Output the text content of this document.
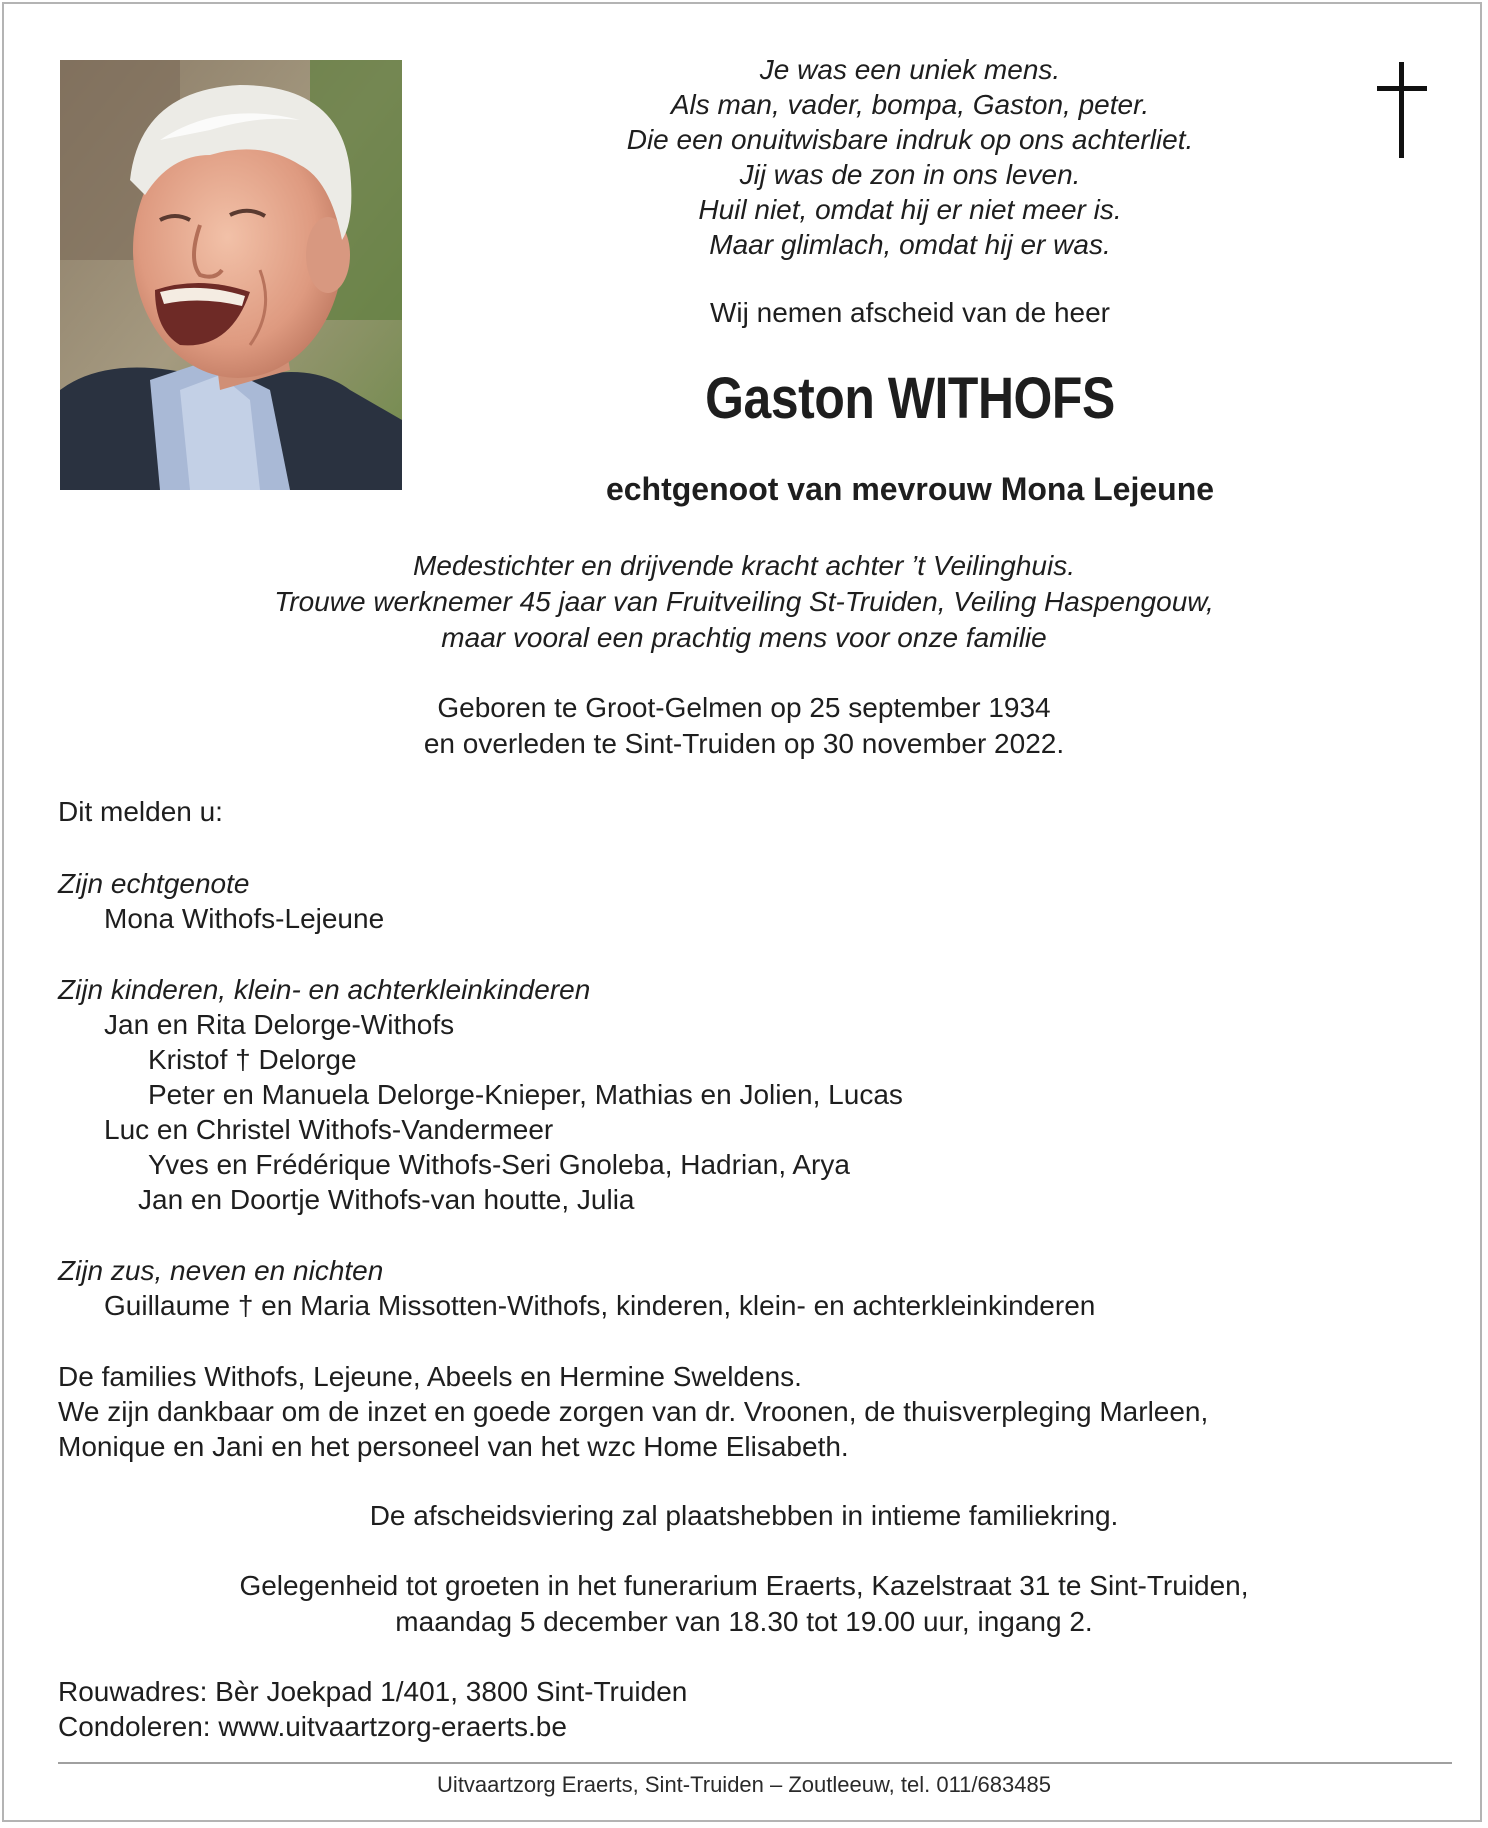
Je was een uniek mens.
Als man, vader, bompa, Gaston, peter.
Die een onuitwisbare indruk op ons achterliet.
Jij was de zon in ons leven.
Huil niet, omdat hij er niet meer is.
Maar glimlach, omdat hij er was.
Wij nemen afscheid van de heer
Gaston WITHOFS
echtgenoot van mevrouw Mona Lejeune
Medestichter en drijvende kracht achter ’t Veilinghuis.
Trouwe werknemer 45 jaar van Fruitveiling St-Truiden, Veiling Haspengouw,
maar vooral een prachtig mens voor onze familie
Geboren te Groot-Gelmen op 25 september 1934
en overleden te Sint-Truiden op 30 november 2022.
Dit melden u:
Zijn echtgenote
Mona Withofs-Lejeune
Zijn kinderen, klein- en achterkleinkinderen
Jan en Rita Delorge-Withofs
Kristof † Delorge
Peter en Manuela Delorge-Knieper, Mathias en Jolien, Lucas
Luc en Christel Withofs-Vandermeer
Yves en Frédérique Withofs-Seri Gnoleba, Hadrian, Arya
Jan en Doortje Withofs-van houtte, Julia
Zijn zus, neven en nichten
Guillaume † en Maria Missotten-Withofs, kinderen, klein- en achterkleinkinderen
De families Withofs, Lejeune, Abeels en Hermine Sweldens.
We zijn dankbaar om de inzet en goede zorgen van dr. Vroonen, de thuisverpleging Marleen,
Monique en Jani en het personeel van het wzc Home Elisabeth.
De afscheidsviering zal plaatshebben in intieme familiekring.
Gelegenheid tot groeten in het funerarium Eraerts, Kazelstraat 31 te Sint-Truiden,
maandag 5 december van 18.30 tot 19.00 uur, ingang 2.
Rouwadres: Bèr Joekpad 1/401, 3800 Sint-Truiden
Condoleren: www.uitvaartzorg-eraerts.be
Uitvaartzorg Eraerts, Sint-Truiden – Zoutleeuw, tel. 011/683485
